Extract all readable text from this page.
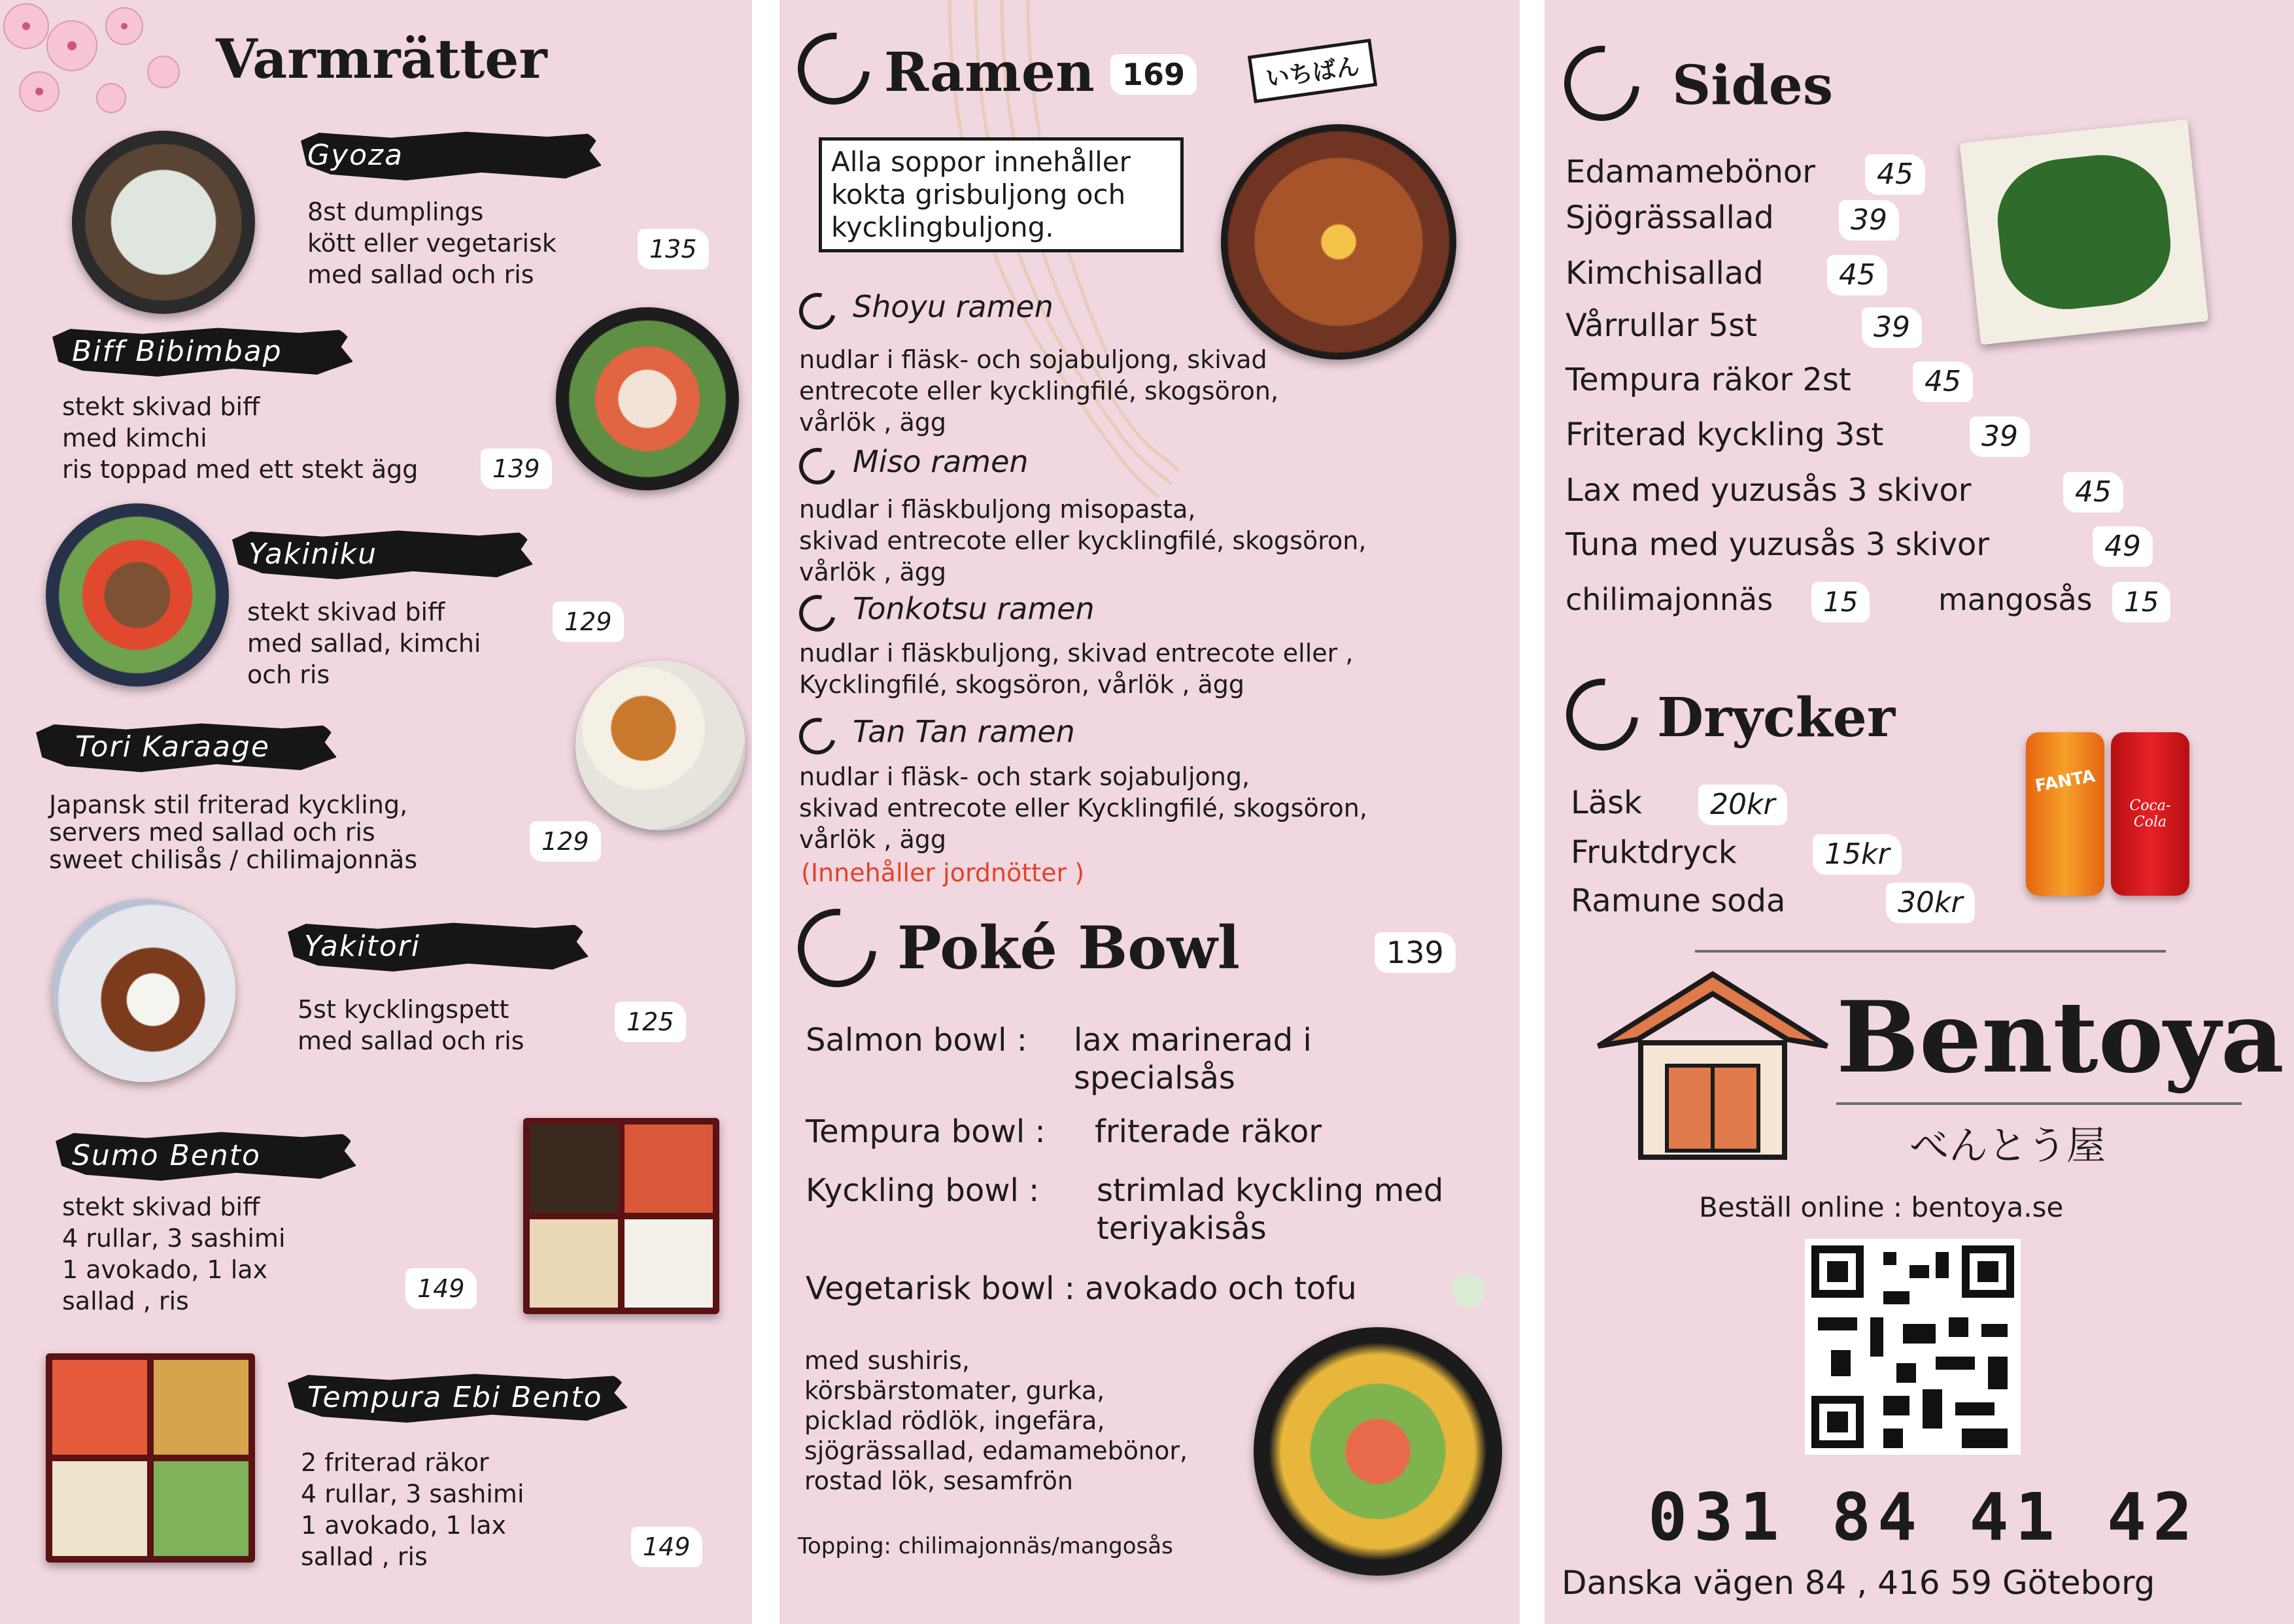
Varmrätter
Gyoza
8st dumplings
kött eller vegetarisk
med sallad och ris
135
Biff Bibimbap
stekt skivad biff
med kimchi
ris toppad med ett stekt ägg	139
Yakiniku
stekt skivad biff
med sallad, kimchi
och ris
129
Tori Karaage
Japansk stil friterad kyckling,
servers med sallad och ris
sweet chilisås / chilimajonnäs
129
Yakitori
5st kycklingspett
med sallad och ris
125
Sumo Bento
stekt skivad biff
4 rullar, 3 sashimi
1 avokado, 1 lax
sallad , ris	149
Tempura Ebi Bento
2 friterad räkor
4 rullar, 3 sashimi
1 avokado, 1 lax
sallad , ris	149
Ramen 169	いちばん
Alla soppor innehåller
kokta grisbuljong och
kycklingbuljong.
Shoyu ramen
nudlar i fläsk- och sojabuljong, skivad
entrecote eller kycklingfilé, skogsöron,
vårlök , ägg
Miso ramen
nudlar i fläskbuljong misopasta,
skivad entrecote eller kycklingfilé, skogsöron,
vårlök , ägg
Tonkotsu ramen
nudlar i fläskbuljong, skivad entrecote eller ,
Kycklingfilé, skogsöron, vårlök , ägg
Tan Tan ramen
nudlar i fläsk- och stark sojabuljong,
skivad entrecote eller Kycklingfilé, skogsöron,
vårlök , ägg
(Innehåller jordnötter )
Poké Bowl	139
Salmon bowl : lax marinerad i
specialsås
Tempura bowl : friterade räkor
Kyckling bowl : strimlad kyckling med
teriyakisås
Vegetarisk bowl : avokado och tofu
med sushiris,
körsbärstomater, gurka,
picklad rödlök, ingefära,
sjögrässallad, edamamebönor,
rostad lök, sesamfrön
Topping: chilimajonnäs/mangosås
Sides
Edamamebönor	45
Sjögrässallad	39
Kimchisallad	45
Vårrullar 5st	39
Tempura räkor 2st	45
Friterad kyckling 3st	39
Lax med yuzusås 3 skivor	45
Tuna med yuzusås 3 skivor	49
chilimajonnäs	15	mangosås	15
Drycker
Läsk	20kr
Fruktdryck	15kr
Ramune soda	30kr
FANTA
Coca-Cola
Bentoya
べんとう屋
Beställ online : bentoya.se
031 84 41 42
Danska vägen 84 , 416 59 Göteborg
